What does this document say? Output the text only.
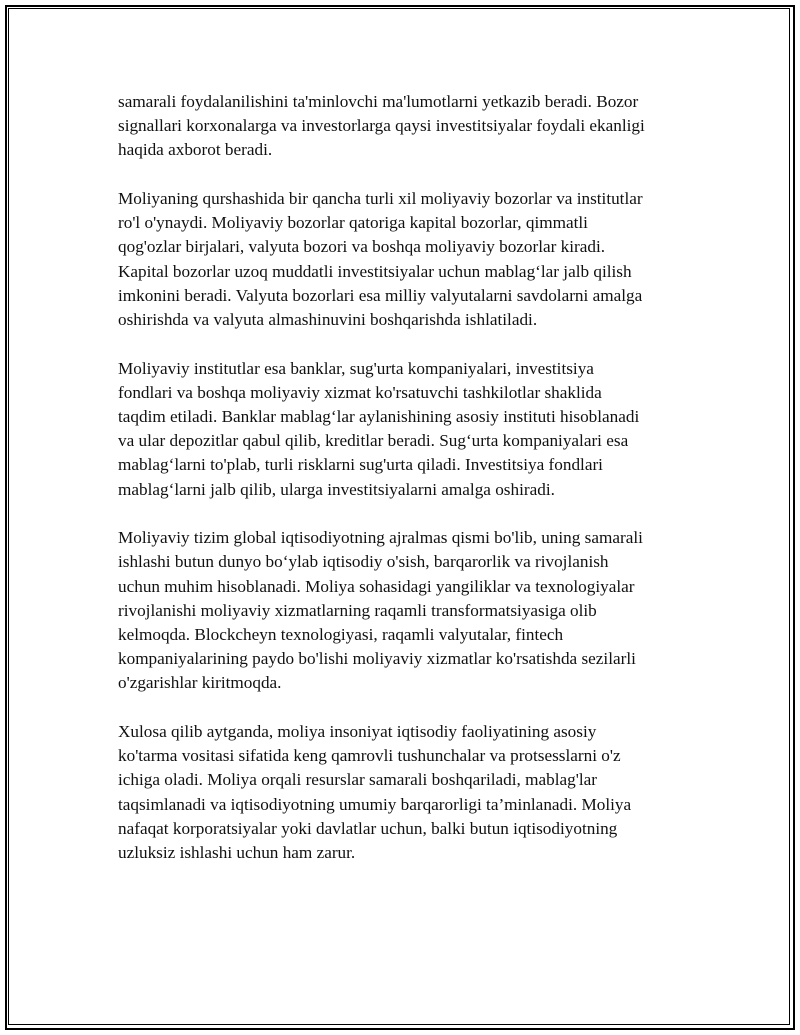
samarali foydalanilishini ta'minlovchi ma'lumotlarni yetkazib beradi. Bozor
signallari korxonalarga va investorlarga qaysi investitsiyalar foydali ekanligi
haqida axborot beradi.

Moliyaning qurshashida bir qancha turli xil moliyaviy bozorlar va institutlar
ro'l o'ynaydi. Moliyaviy bozorlar qatoriga kapital bozorlar, qimmatli
qog'ozlar birjalari, valyuta bozori va boshqa moliyaviy bozorlar kiradi.
Kapital bozorlar uzoq muddatli investitsiyalar uchun mablag‘lar jalb qilish
imkonini beradi. Valyuta bozorlari esa milliy valyutalarni savdolarni amalga
oshirishda va valyuta almashinuvini boshqarishda ishlatiladi.

Moliyaviy institutlar esa banklar, sug'urta kompaniyalari, investitsiya
fondlari va boshqa moliyaviy xizmat ko'rsatuvchi tashkilotlar shaklida
taqdim etiladi. Banklar mablag‘lar aylanishining asosiy instituti hisoblanadi
va ular depozitlar qabul qilib, kreditlar beradi. Sug‘urta kompaniyalari esa
mablag‘larni to'plab, turli risklarni sug'urta qiladi. Investitsiya fondlari
mablag‘larni jalb qilib, ularga investitsiyalarni amalga oshiradi.

Moliyaviy tizim global iqtisodiyotning ajralmas qismi bo'lib, uning samarali
ishlashi butun dunyo bo‘ylab iqtisodiy o'sish, barqarorlik va rivojlanish
uchun muhim hisoblanadi. Moliya sohasidagi yangiliklar va texnologiyalar
rivojlanishi moliyaviy xizmatlarning raqamli transformatsiyasiga olib
kelmoqda. Blockcheyn texnologiyasi, raqamli valyutalar, fintech
kompaniyalarining paydo bo'lishi moliyaviy xizmatlar ko'rsatishda sezilarli
o'zgarishlar kiritmoqda.

Xulosa qilib aytganda, moliya insoniyat iqtisodiy faoliyatining asosiy
ko'tarma vositasi sifatida keng qamrovli tushunchalar va protsesslarni o'z
ichiga oladi. Moliya orqali resurslar samarali boshqariladi, mablag'lar
taqsimlanadi va iqtisodiyotning umumiy barqarorligi ta’minlanadi. Moliya
nafaqat korporatsiyalar yoki davlatlar uchun, balki butun iqtisodiyotning
uzluksiz ishlashi uchun ham zarur.
